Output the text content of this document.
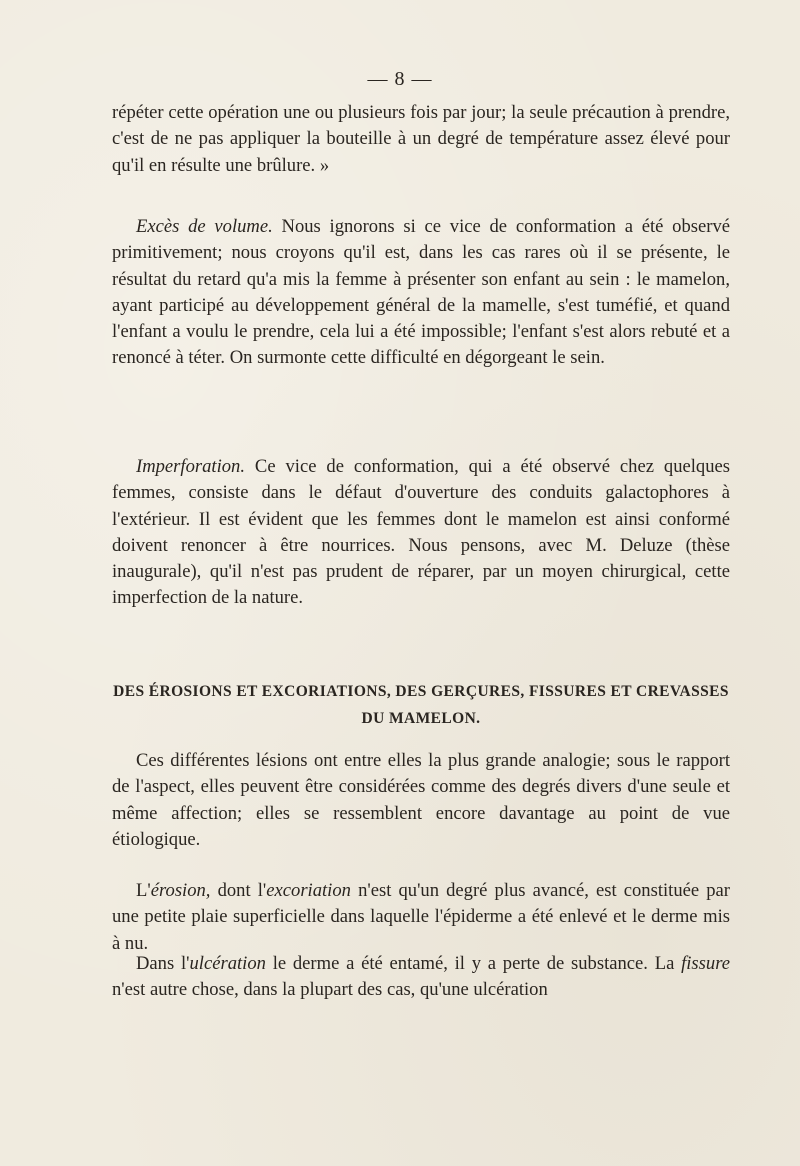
— 8 —

répéter cette opération une ou plusieurs fois par jour; la seule précaution à prendre, c'est de ne pas appliquer la bouteille à un degré de température assez élevé pour qu'il en résulte une brûlure. »

Excès de volume. Nous ignorons si ce vice de conformation a été observé primitivement; nous croyons qu'il est, dans les cas rares où il se présente, le résultat du retard qu'a mis la femme à présenter son enfant au sein : le mamelon, ayant participé au développement général de la mamelle, s'est tuméfié, et quand l'enfant a voulu le prendre, cela lui a été impossible; l'enfant s'est alors rebuté et a renoncé à téter. On surmonte cette difficulté en dégorgeant le sein.

Imperforation. Ce vice de conformation, qui a été observé chez quelques femmes, consiste dans le défaut d'ouverture des conduits galactophores à l'extérieur. Il est évident que les femmes dont le mamelon est ainsi conformé doivent renoncer à être nourrices. Nous pensons, avec M. Deluze (thèse inaugurale), qu'il n'est pas prudent de réparer, par un moyen chirurgical, cette imperfection de la nature.

DES ÉROSIONS ET EXCORIATIONS, DES GERÇURES, FISSURES ET CREVASSES
DU MAMELON.

Ces différentes lésions ont entre elles la plus grande analogie; sous le rapport de l'aspect, elles peuvent être considérées comme des degrés divers d'une seule et même affection; elles se ressemblent encore davantage au point de vue étiologique.

L'érosion, dont l'excoriation n'est qu'un degré plus avancé, est constituée par une petite plaie superficielle dans laquelle l'épiderme a été enlevé et le derme mis à nu.

Dans l'ulcération le derme a été entamé, il y a perte de substance. La fissure n'est autre chose, dans la plupart des cas, qu'une ulcération
